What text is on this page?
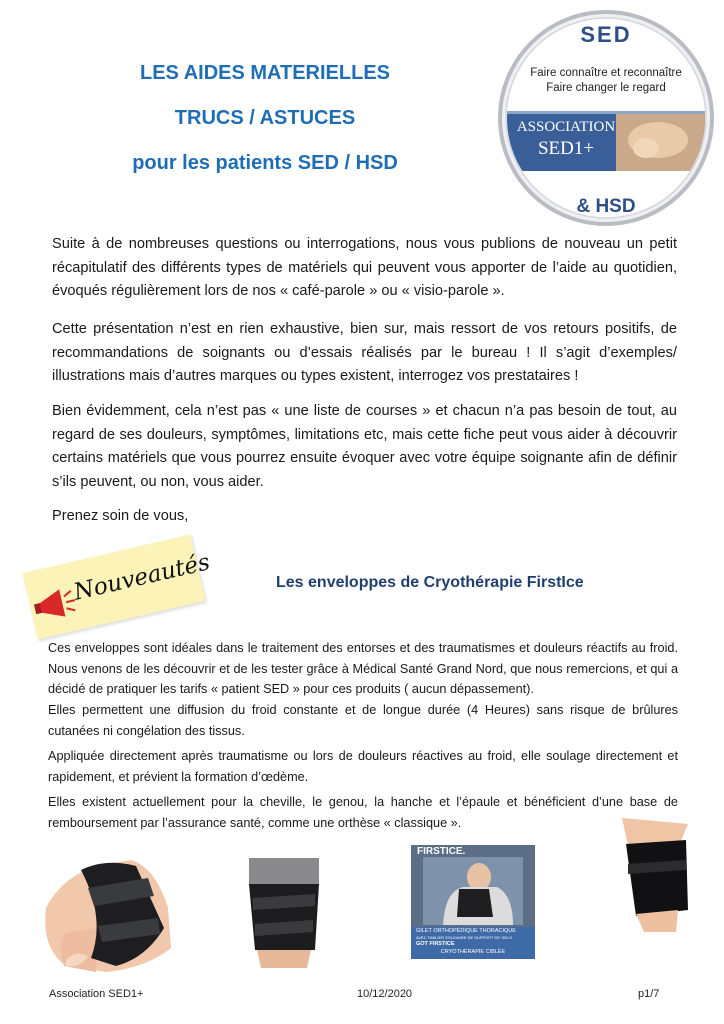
LES AIDES MATERIELLES
TRUCS / ASTUCES
pour les patients SED / HSD
SED
Faire connaître et reconnaître
Faire changer le regard
ASSOCIATION
SED1+
& HSD

Suite à de nombreuses questions ou interrogations, nous vous publions de nouveau un petit récapitulatif des différents types de matériels qui peuvent vous apporter de l’aide au quotidien, évoqués régulièrement lors de nos « café-parole » ou « visio-parole ».

Cette présentation n’est en rien exhaustive, bien sur, mais ressort de vos retours positifs, de recommandations de soignants ou d’essais réalisés par le bureau ! Il s’agit d’exemples/ illustrations mais d’autres marques ou types existent, interrogez vos prestataires !

Bien évidemment, cela n’est pas « une liste de courses » et chacun n’a pas besoin de tout, au regard de ses douleurs, symptômes, limitations etc, mais cette fiche peut vous aider à découvrir certains matériels que vous pourrez ensuite évoquer avec votre équipe soignante afin de définir s’ils peuvent, ou non, vous aider.

Prenez soin de vous,

Nouveautés	Les enveloppes de Cryothérapie FirstIce

Ces enveloppes sont idéales dans le traitement des entorses et des traumatismes et douleurs réactifs au froid. Nous venons de les découvrir et de les tester grâce à Médical Santé Grand Nord, que nous remercions, et qui a décidé de pratiquer les tarifs « patient SED » pour ces produits ( aucun dépassement).

Elles permettent une diffusion du froid constante et de longue durée (4 Heures) sans risque de brûlures cutanées ni congélation des tissus.

Appliquée directement après traumatisme ou lors de douleurs réactives au froid, elle soulage directement et rapidement, et prévient la formation d’œdème.

Elles existent actuellement pour la cheville, le genou, la hanche et l’épaule et bénéficient d’une base de remboursement par l’assurance santé, comme une orthèse « classique ».

FIRSTICE.
GILET ORTHOPÉDIQUE THORACIQUE
AVEC TABLIER SOLIDAIRE DE SUPPORT DE GELS
GOT FIRSTICE
CRYOTHÉRAPIE CIBLÉE
Association SED1+	10/12/2020	p1/7
